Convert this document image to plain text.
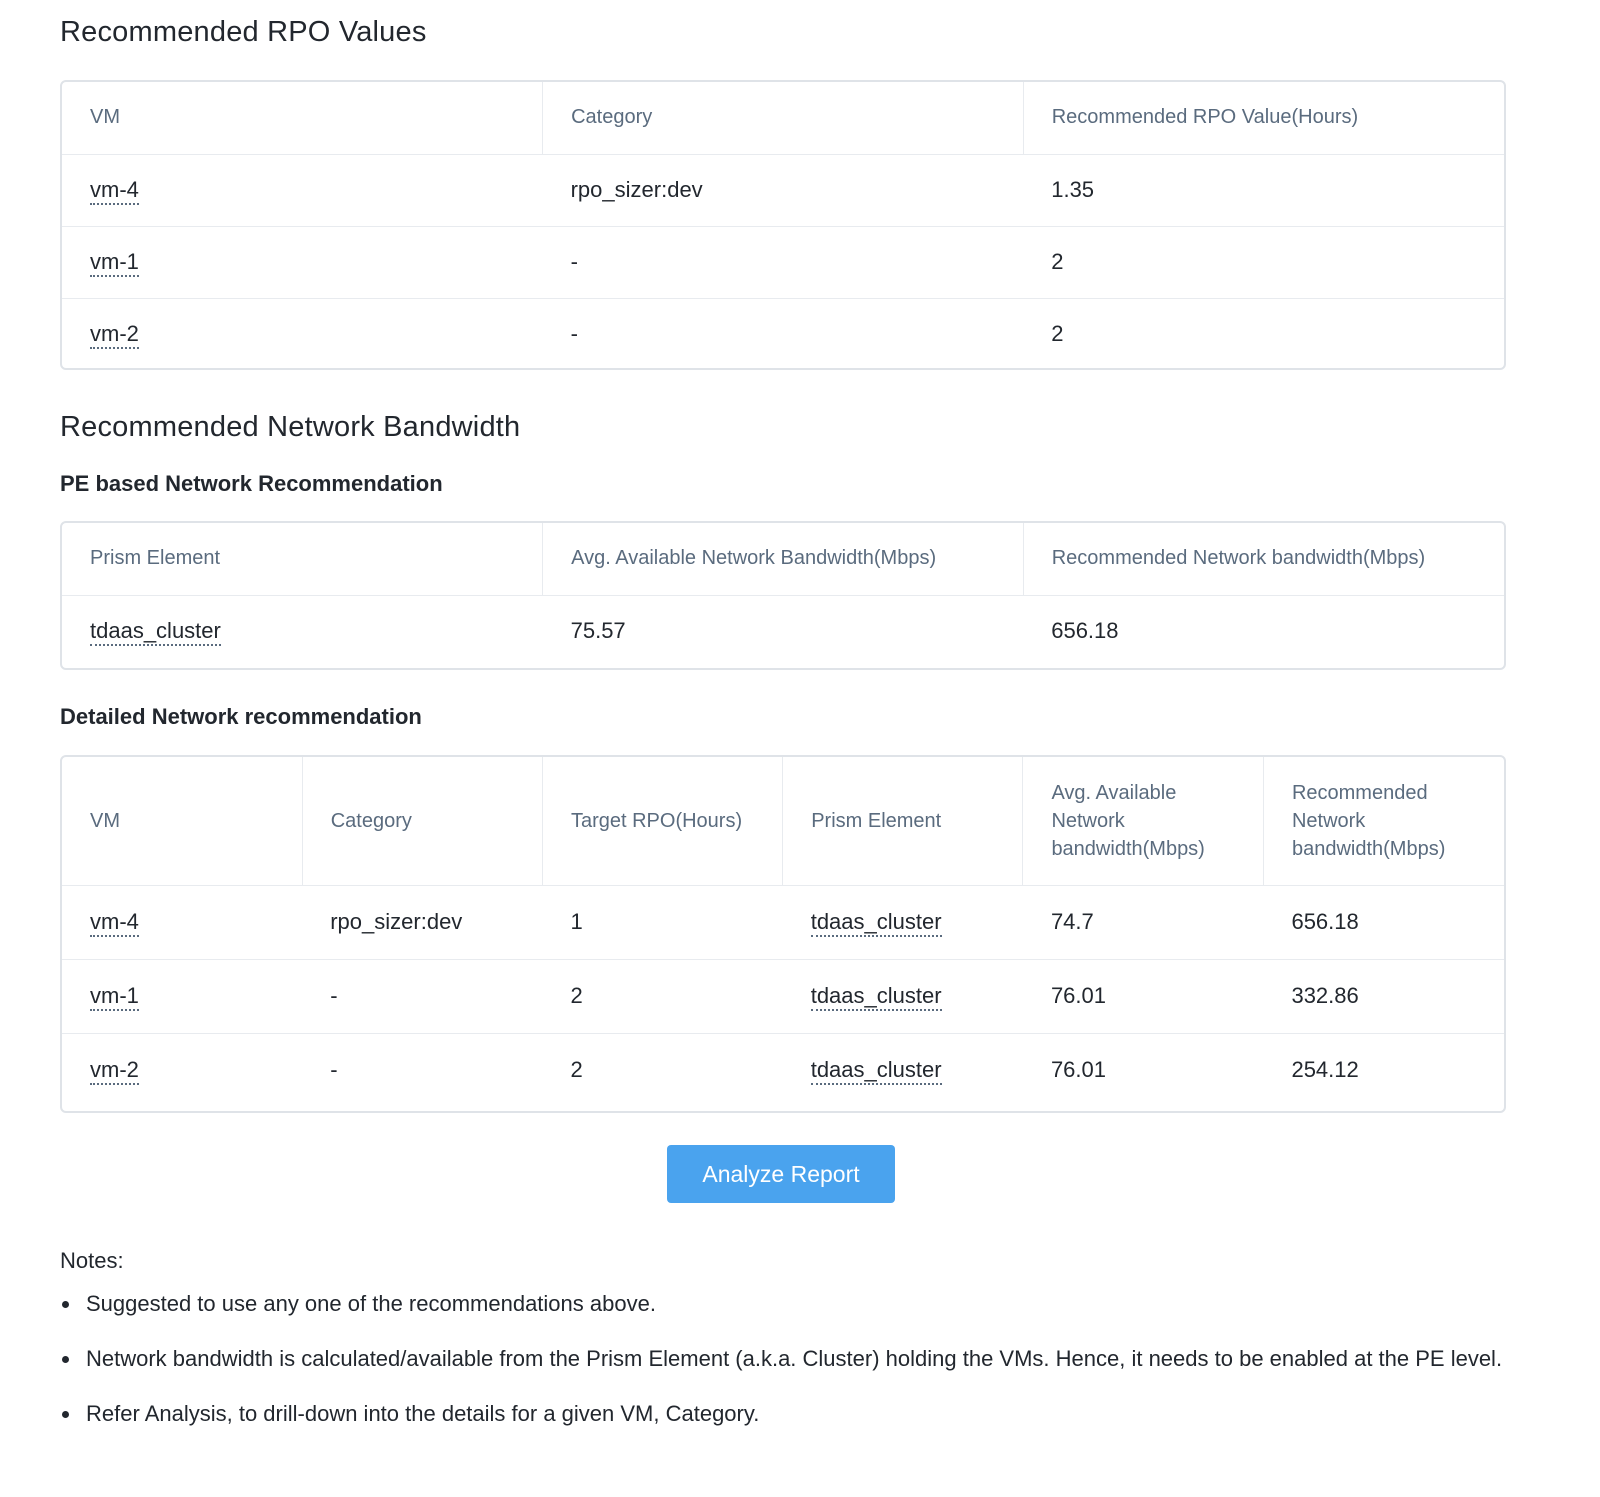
Recommended RPO Values
VM	Category	Recommended RPO Value(Hours)
vm-4	rpo_sizer:dev	1.35
vm-1	-	2
vm-2	-	2
Recommended Network Bandwidth
PE based Network Recommendation
Prism Element	Avg. Available Network Bandwidth(Mbps)	Recommended Network bandwidth(Mbps)
tdaas_cluster	75.57	656.18
Detailed Network recommendation
VM	Category	Target RPO(Hours)	Prism Element	Avg. Available Network bandwidth(Mbps)	Recommended Network bandwidth(Mbps)
vm-4	rpo_sizer:dev	1	tdaas_cluster	74.7	656.18
vm-1	-	2	tdaas_cluster	76.01	332.86
vm-2	-	2	tdaas_cluster	76.01	254.12
Analyze Report

Notes:

Suggested to use any one of the recommendations above.
Network bandwidth is calculated/available from the Prism Element (a.k.a. Cluster) holding the VMs. Hence, it needs to be enabled at the PE level.
Refer Analysis, to drill-down into the details for a given VM, Category.
